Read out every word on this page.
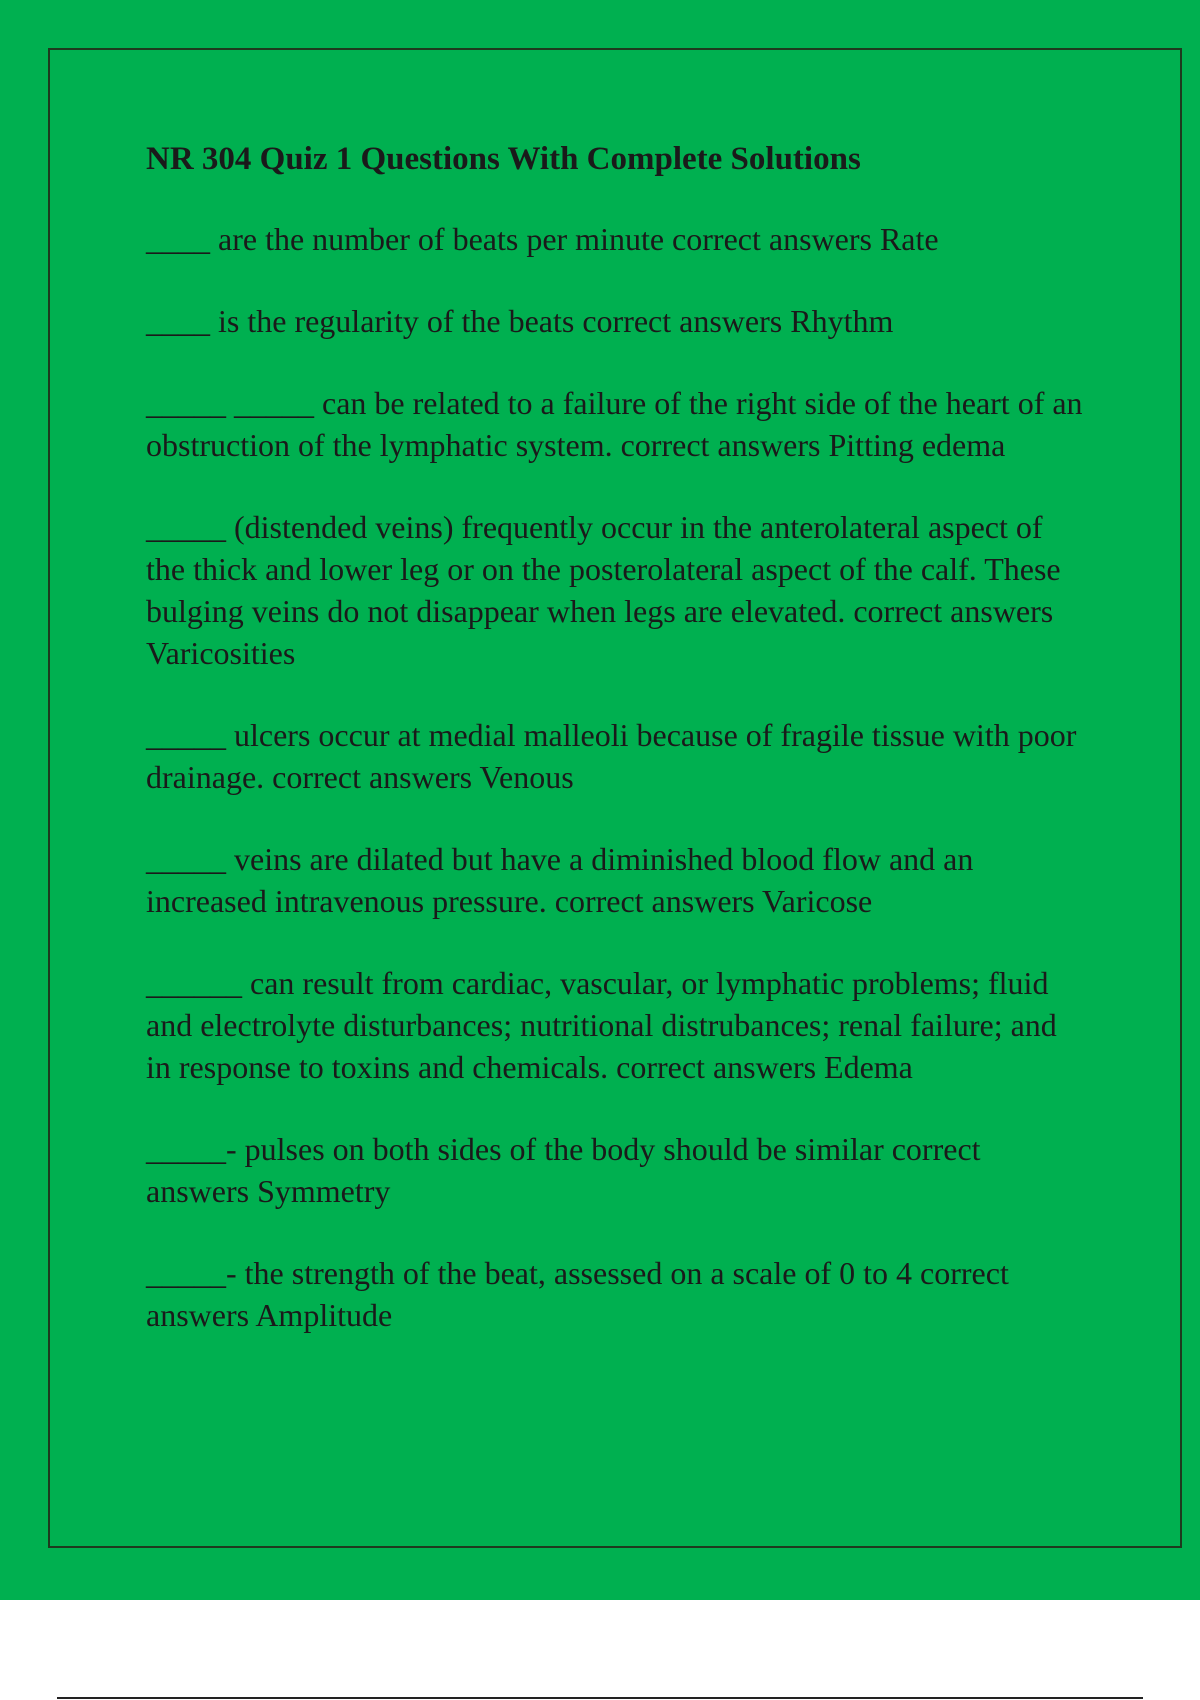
NR 304 Quiz 1 Questions With Complete Solutions
____ are the number of beats per minute correct answers Rate
____ is the regularity of the beats correct answers Rhythm
_____ _____ can be related to a failure of the right side of the heart of an obstruction of the lymphatic system. correct answers Pitting edema
_____ (distended veins) frequently occur in the anterolateral aspect of the thick and lower leg or on the posterolateral aspect of the calf. These bulging veins do not disappear when legs are elevated. correct answers Varicosities
_____ ulcers occur at medial malleoli because of fragile tissue with poor drainage. correct answers Venous
_____ veins are dilated but have a diminished blood flow and an increased intravenous pressure. correct answers Varicose
______ can result from cardiac, vascular, or lymphatic problems; fluid and electrolyte disturbances; nutritional distrubances; renal failure; and in response to toxins and chemicals. correct answers Edema
_____- pulses on both sides of the body should be similar correct answers Symmetry
_____- the strength of the beat, assessed on a scale of 0 to 4 correct answers Amplitude
